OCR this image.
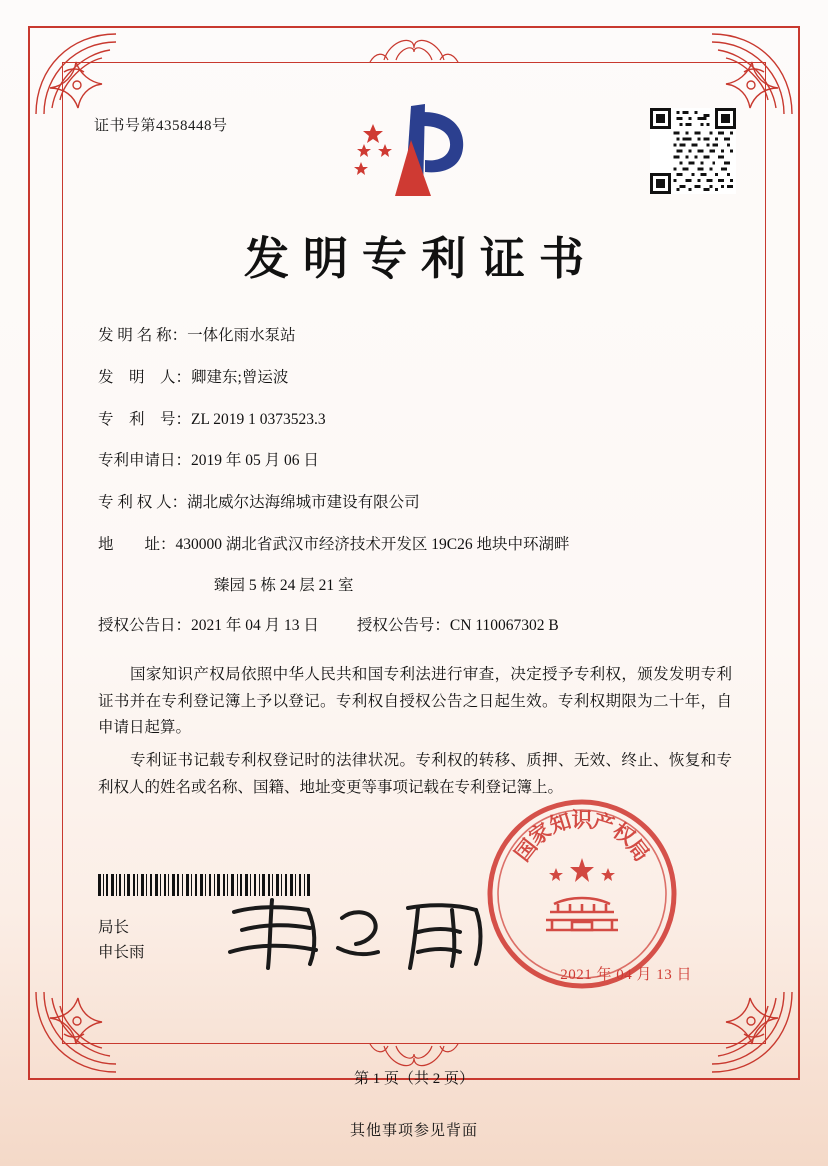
证书号第4358448号
发明专利证书
发 明 名 称： 一体化雨水泵站
发    明    人： 卿建东;曾运波
专    利    号： ZL 2019 1 0373523.3
专利申请日： 2019 年 05 月 06 日
专 利 权 人： 湖北威尔达海绵城市建设有限公司
地        址： 430000 湖北省武汉市经济技术开发区 19C26 地块中环湖畔
臻园 5 栋 24 层 21 室
授权公告日： 2021 年 04 月 13 日 授权公告号： CN 110067302 B

国家知识产权局依照中华人民共和国专利法进行审查，决定授予专利权，颁发发明专利证书并在专利登记簿上予以登记。专利权自授权公告之日起生效。专利权期限为二十年，自申请日起算。

专利证书记载专利权登记时的法律状况。专利权的转移、质押、无效、终止、恢复和专利权人的姓名或名称、国籍、地址变更等事项记载在专利登记簿上。

局长
申长雨
国
家
知
识
产
权
局
2021 年 04 月 13 日
第 1 页（共 2 页）
其他事项参见背面
